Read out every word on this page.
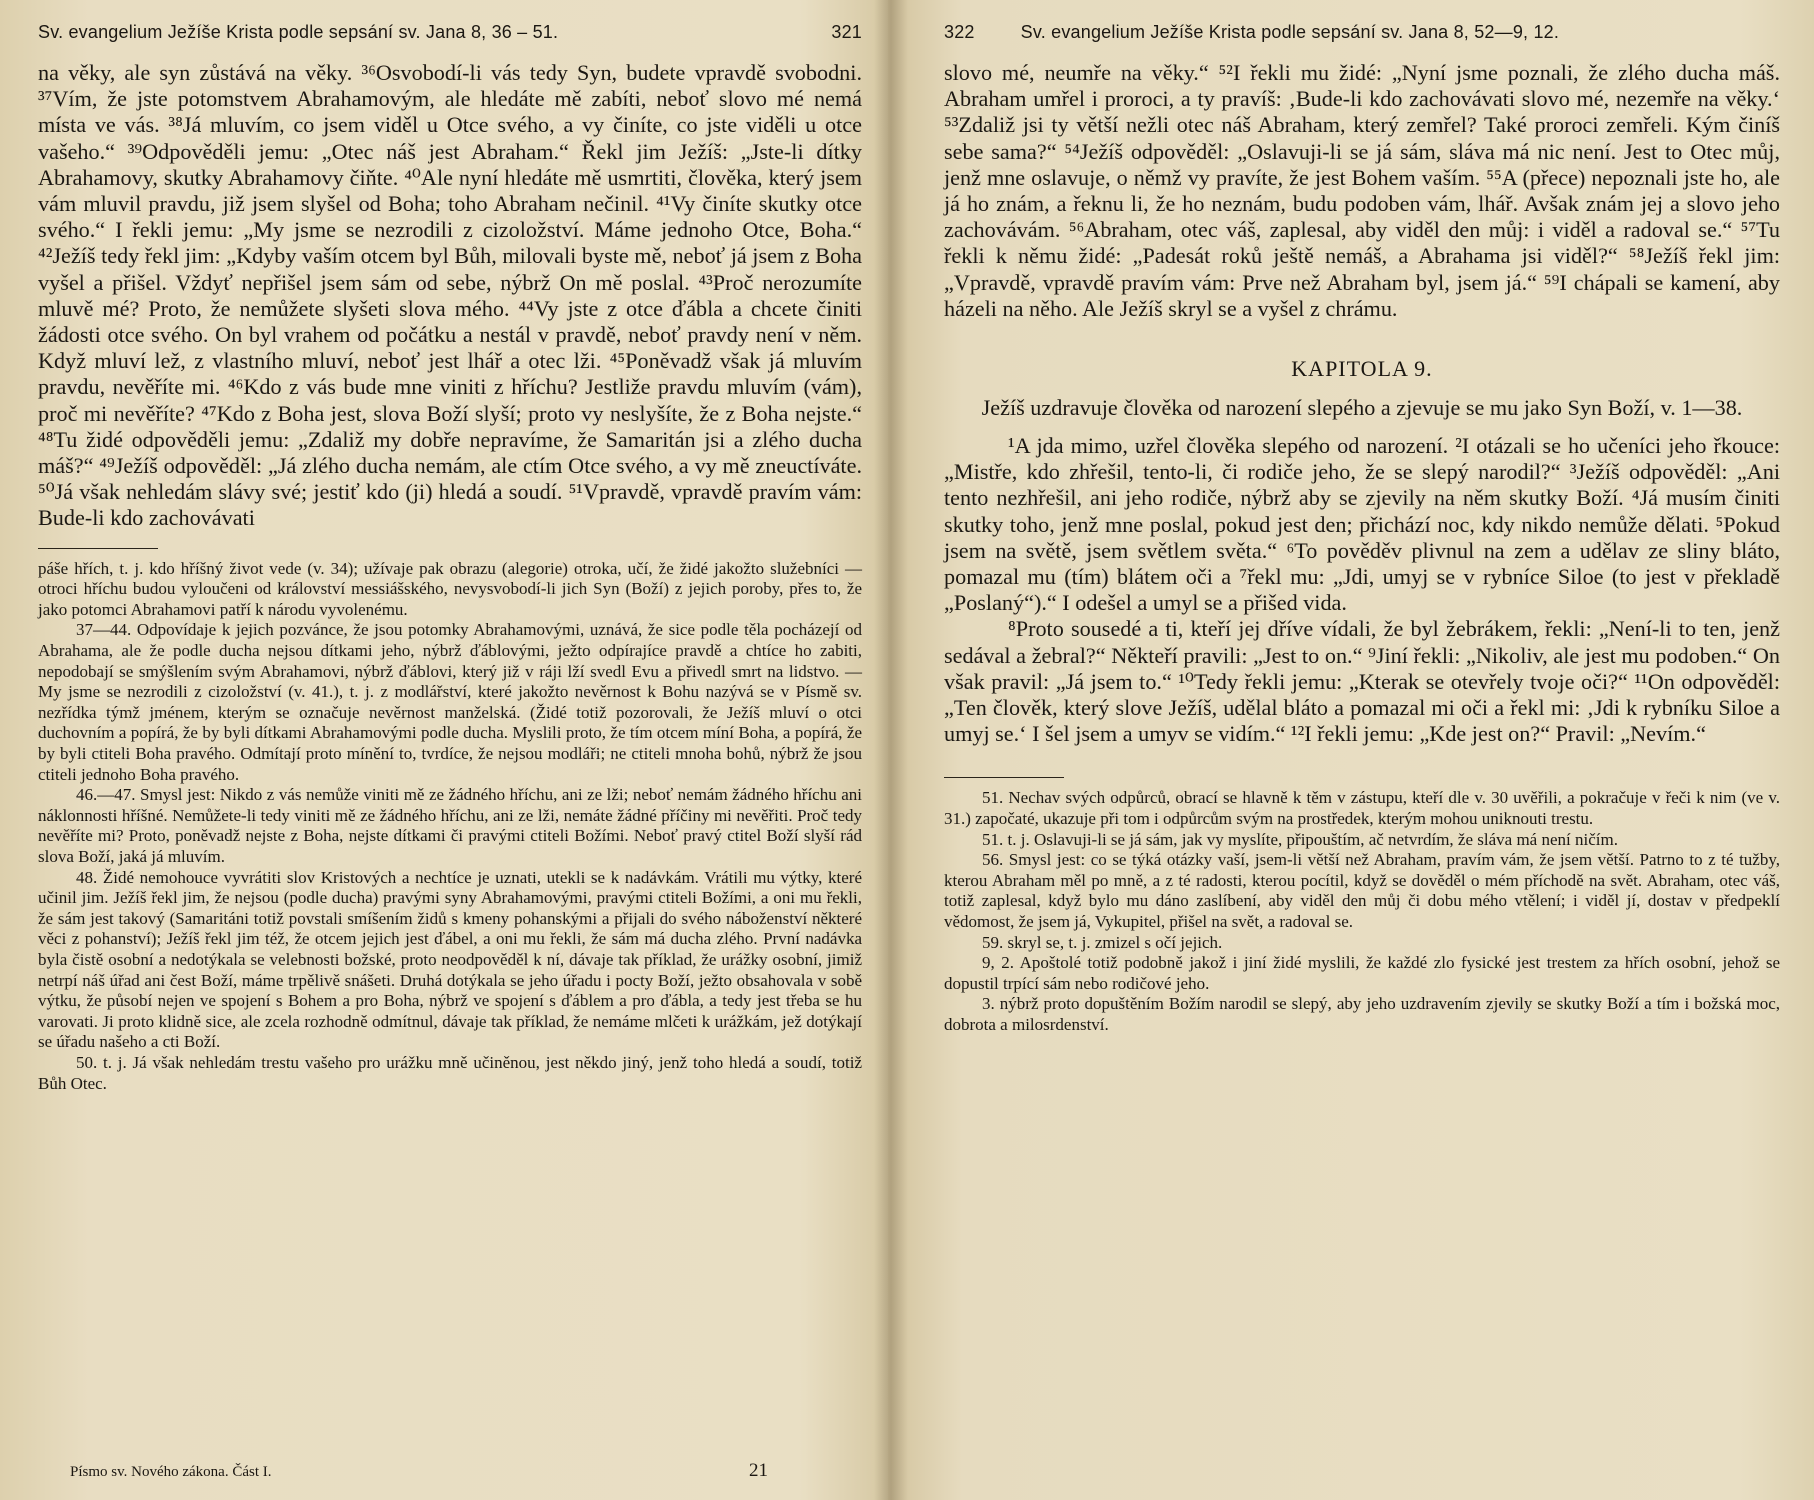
Sv. evangelium Ježíše Krista podle sepsání sv. Jana 8, 36 – 51.	321

na věky, ale syn zůstává na věky. ³⁶Osvobodí-li vás tedy Syn, budete vpravdě svobodni. ³⁷Vím, že jste potomstvem Abrahamovým, ale hledáte mě zabíti, neboť slovo mé nemá místa ve vás. ³⁸Já mluvím, co jsem viděl u Otce svého, a vy činíte, co jste viděli u otce vašeho.“ ³⁹Odpověděli jemu: „Otec náš jest Abraham.“ Řekl jim Ježíš: „Jste-li dítky Abrahamovy, skutky Abrahamovy čiňte. ⁴⁰Ale nyní hledáte mě usmrtiti, člověka, který jsem vám mluvil pravdu, již jsem slyšel od Boha; toho Abraham nečinil. ⁴¹Vy činíte skutky otce svého.“ I řekli jemu: „My jsme se nezrodili z cizoložství. Máme jednoho Otce, Boha.“ ⁴²Ježíš tedy řekl jim: „Kdyby vaším otcem byl Bůh, milovali byste mě, neboť já jsem z Boha vyšel a přišel. Vždyť nepřišel jsem sám od sebe, nýbrž On mě poslal. ⁴³Proč nerozumíte mluvě mé? Proto, že nemůžete slyšeti slova mého. ⁴⁴Vy jste z otce ďábla a chcete činiti žádosti otce svého. On byl vrahem od počátku a nestál v pravdě, neboť pravdy není v něm. Když mluví lež, z vlastního mluví, neboť jest lhář a otec lži. ⁴⁵Poněvadž však já mluvím pravdu, nevěříte mi. ⁴⁶Kdo z vás bude mne viniti z hříchu? Jestliže pravdu mluvím (vám), proč mi nevěříte? ⁴⁷Kdo z Boha jest, slova Boží slyší; proto vy neslyšíte, že z Boha nejste.“ ⁴⁸Tu židé odpověděli jemu: „Zdaliž my dobře nepravíme, že Samaritán jsi a zlého ducha máš?“ ⁴⁹Ježíš odpověděl: „Já zlého ducha nemám, ale ctím Otce svého, a vy mě zneuctíváte. ⁵⁰Já však nehledám slávy své; jestiť kdo (ji) hledá a soudí. ⁵¹Vpravdě, vpravdě pravím vám: Bude-li kdo zachovávati

páše hřích, t. j. kdo hříšný život vede (v. 34); užívaje pak obrazu (alegorie) otroka, učí, že židé jakožto služebníci — otroci hříchu budou vyloučeni od království messiášského, nevysvobodí-li jich Syn (Boží) z jejich poroby, přes to, že jako potomci Abrahamovi patří k národu vyvolenému.

37—44. Odpovídaje k jejich pozvánce, že jsou potomky Abrahamovými, uznává, že sice podle těla pocházejí od Abrahama, ale že podle ducha nejsou dítkami jeho, nýbrž ďáblovými, ježto odpírajíce pravdě a chtíce ho zabiti, nepodobají se smýšlením svým Abrahamovi, nýbrž ďáblovi, který již v ráji lží svedl Evu a přivedl smrt na lidstvo. — My jsme se nezrodili z cizoložství (v. 41.), t. j. z modlářství, které jakožto nevěrnost k Bohu nazývá se v Písmě sv. nezřídka týmž jménem, kterým se označuje nevěrnost manželská. (Židé totiž pozorovali, že Ježíš mluví o otci duchovním a popírá, že by byli dítkami Abrahamovými podle ducha. Myslili proto, že tím otcem míní Boha, a popírá, že by byli ctiteli Boha pravého. Odmítají proto mínění to, tvrdíce, že nejsou modláři; ne ctiteli mnoha bohů, nýbrž že jsou ctiteli jednoho Boha pravého.

46.—47. Smysl jest: Nikdo z vás nemůže viniti mě ze žádného hříchu, ani ze lži; neboť nemám žádného hříchu ani náklonnosti hříšné. Nemůžete-li tedy viniti mě ze žádného hříchu, ani ze lži, nemáte žádné příčiny mi nevěřiti. Proč tedy nevěříte mi? Proto, poněvadž nejste z Boha, nejste dítkami či pravými ctiteli Božími. Neboť pravý ctitel Boží slyší rád slova Boží, jaká já mluvím.

48. Židé nemohouce vyvrátiti slov Kristových a nechtíce je uznati, utekli se k nadávkám. Vrátili mu výtky, které učinil jim. Ježíš řekl jim, že nejsou (podle ducha) pravými syny Abrahamovými, pravými ctiteli Božími, a oni mu řekli, že sám jest takový (Samaritáni totiž povstali smíšením židů s kmeny pohanskými a přijali do svého náboženství některé věci z pohanství); Ježíš řekl jim též, že otcem jejich jest ďábel, a oni mu řekli, že sám má ducha zlého. První nadávka byla čistě osobní a nedotýkala se velebnosti božské, proto neodpověděl k ní, dávaje tak příklad, že urážky osobní, jimiž netrpí náš úřad ani čest Boží, máme trpělivě snášeti. Druhá dotýkala se jeho úřadu i pocty Boží, ježto obsahovala v sobě výtku, že působí nejen ve spojení s Bohem a pro Boha, nýbrž ve spojení s ďáblem a pro ďábla, a tedy jest třeba se hu varovati. Ji proto klidně sice, ale zcela rozhodně odmítnul, dávaje tak příklad, že nemáme mlčeti k urážkám, jež dotýkají se úřadu našeho a cti Boží.

50. t. j. Já však nehledám trestu vašeho pro urážku mně učiněnou, jest někdo jiný, jenž toho hledá a soudí, totiž Bůh Otec.

Písmo sv. Nového zákona. Část I.	21
322	Sv. evangelium Ježíše Krista podle sepsání sv. Jana 8, 52—9, 12.

slovo mé, neumře na věky.“ ⁵²I řekli mu židé: „Nyní jsme poznali, že zlého ducha máš. Abraham umřel i proroci, a ty pravíš: ‚Bude-li kdo zachovávati slovo mé, nezemře na věky.‘ ⁵³Zdaliž jsi ty větší nežli otec náš Abraham, který zemřel? Také proroci zemřeli. Kým činíš sebe sama?“ ⁵⁴Ježíš odpověděl: „Oslavuji-li se já sám, sláva má nic není. Jest to Otec můj, jenž mne oslavuje, o němž vy pravíte, že jest Bohem vaším. ⁵⁵A (přece) nepoznali jste ho, ale já ho znám, a řeknu li, že ho neznám, budu podoben vám, lhář. Avšak znám jej a slovo jeho zachovávám. ⁵⁶Abraham, otec váš, zaplesal, aby viděl den můj: i viděl a radoval se.“ ⁵⁷Tu řekli k němu židé: „Padesát roků ještě nemáš, a Abrahama jsi viděl?“ ⁵⁸Ježíš řekl jim: „Vpravdě, vpravdě pravím vám: Prve než Abraham byl, jsem já.“ ⁵⁹I chápali se kamení, aby házeli na něho. Ale Ježíš skryl se a vyšel z chrámu.

KAPITOLA 9.

Ježíš uzdravuje člověka od narození slepého a zjevuje se mu jako Syn Boží, v. 1—38.

¹A jda mimo, uzřel člověka slepého od narození. ²I otázali se ho učeníci jeho řkouce: „Mistře, kdo zhřešil, tento-li, či rodiče jeho, že se slepý narodil?“ ³Ježíš odpověděl: „Ani tento nezhřešil, ani jeho rodiče, nýbrž aby se zjevily na něm skutky Boží. ⁴Já musím činiti skutky toho, jenž mne poslal, pokud jest den; přichází noc, kdy nikdo nemůže dělati. ⁵Pokud jsem na světě, jsem světlem světa.“ ⁶To pověděv plivnul na zem a udělav ze sliny bláto, pomazal mu (tím) blátem oči a ⁷řekl mu: „Jdi, umyj se v rybníce Siloe (to jest v překladě „Poslaný“).“ I odešel a umyl se a přišed vida.

⁸Proto sousedé a ti, kteří jej dříve vídali, že byl žebrákem, řekli: „Není-li to ten, jenž sedával a žebral?“ Někteří pravili: „Jest to on.“ ⁹Jiní řekli: „Nikoliv, ale jest mu podoben.“ On však pravil: „Já jsem to.“ ¹⁰Tedy řekli jemu: „Kterak se otevřely tvoje oči?“ ¹¹On odpověděl: „Ten člověk, který slove Ježíš, udělal bláto a pomazal mi oči a řekl mi: ‚Jdi k rybníku Siloe a umyj se.‘ I šel jsem a umyv se vidím.“ ¹²I řekli jemu: „Kde jest on?“ Pravil: „Nevím.“

51. Nechav svých odpůrců, obrací se hlavně k těm v zástupu, kteří dle v. 30 uvěřili, a pokračuje v řeči k nim (ve v. 31.) započaté, ukazuje při tom i odpůrcům svým na prostředek, kterým mohou uniknouti trestu.

51. t. j. Oslavuji-li se já sám, jak vy myslíte, připouštím, ač netvrdím, že sláva má není ničím.

56. Smysl jest: co se týká otázky vaší, jsem-li větší než Abraham, pravím vám, že jsem větší. Patrno to z té tužby, kterou Abraham měl po mně, a z té radosti, kterou pocítil, když se dověděl o mém příchodě na svět. Abraham, otec váš, totiž zaplesal, když bylo mu dáno zaslíbení, aby viděl den můj či dobu mého vtělení; i viděl jí, dostav v předpeklí vědomost, že jsem já, Vykupitel, přišel na svět, a radoval se.

59. skryl se, t. j. zmizel s očí jejich.

9, 2. Apoštolé totiž podobně jakož i jiní židé myslili, že každé zlo fysické jest trestem za hřích osobní, jehož se dopustil trpící sám nebo rodičové jeho.

3. nýbrž proto dopuštěním Božím narodil se slepý, aby jeho uzdravením zjevily se skutky Boží a tím i božská moc, dobrota a milosrdenství.
